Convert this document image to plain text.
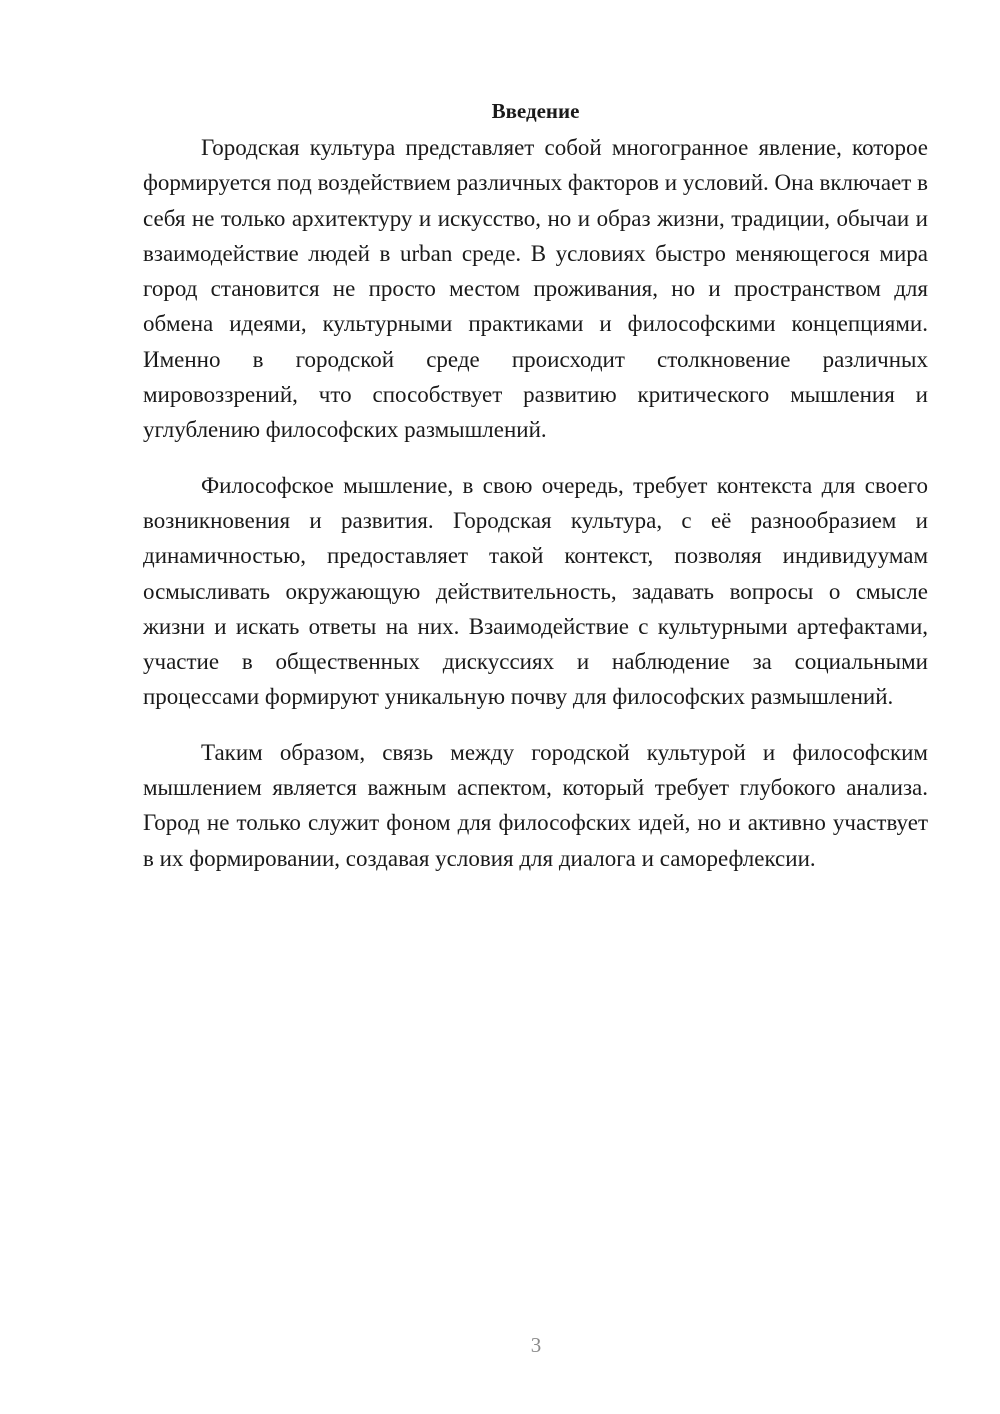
Введение

Городская культура представляет собой многогранное явление, которое формируется под воздействием различных факторов и условий. Она включает в себя не только архитектуру и искусство, но и образ жизни, традиции, обычаи и взаимодействие людей в urban среде. В условиях быстро меняющегося мира город становится не просто местом проживания, но и пространством для обмена идеями, культурными практиками и философскими концепциями. Именно в городской среде происходит столкновение различных мировоззрений, что способствует развитию критического мышления и углублению философских размышлений.

Философское мышление, в свою очередь, требует контекста для своего возникновения и развития. Городская культура, с её разнообразием и динамичностью, предоставляет такой контекст, позволяя индивидуумам осмысливать окружающую действительность, задавать вопросы о смысле жизни и искать ответы на них. Взаимодействие с культурными артефактами, участие в общественных дискуссиях и наблюдение за социальными процессами формируют уникальную почву для философских размышлений.

Таким образом, связь между городской культурой и философским мышлением является важным аспектом, который требует глубокого анализа. Город не только служит фоном для философских идей, но и активно участвует в их формировании, создавая условия для диалога и саморефлексии.

3
